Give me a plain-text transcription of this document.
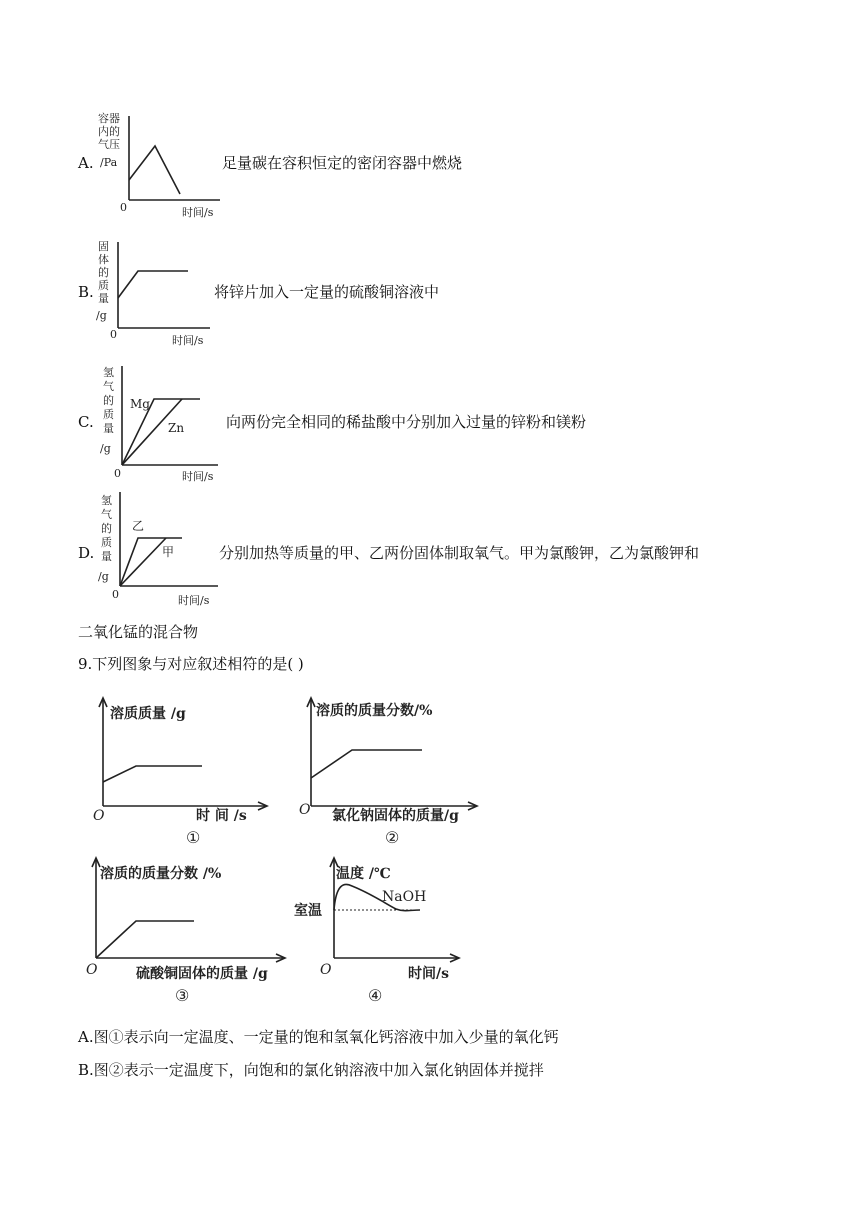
A.
容器
内的
气压
/Pa
0	时间/s
足量碳在容积恒定的密闭容器中燃烧
B.
固
体
的
质
量
/g
0	时间/s
将锌片加入一定量的硫酸铜溶液中
C.
氢
气
的
质
量
/g
Mg
Zn
0	时间/s
向两份完全相同的稀盐酸中分别加入过量的锌粉和镁粉
D.
氢
气
的
质
量
/g
乙
甲
0	时间/s
分别加热等质量的甲、乙两份固体制取氧气。甲为氯酸钾，乙为氯酸钾和
二氧化锰的混合物
9.下列图象与对应叙述相符的是( )
溶质质量 /g
O	时 间 /s
①
溶质的质量分数/%
O 氯化钠固体的质量/g
②
溶质的质量分数 /%
O	硫酸铜固体的质量 /g
③
温度 /℃
NaOH
室温
O	时间/s
④
A.图①表示向一定温度、一定量的饱和氢氧化钙溶液中加入少量的氧化钙
B.图②表示一定温度下，向饱和的氯化钠溶液中加入氯化钠固体并搅拌
